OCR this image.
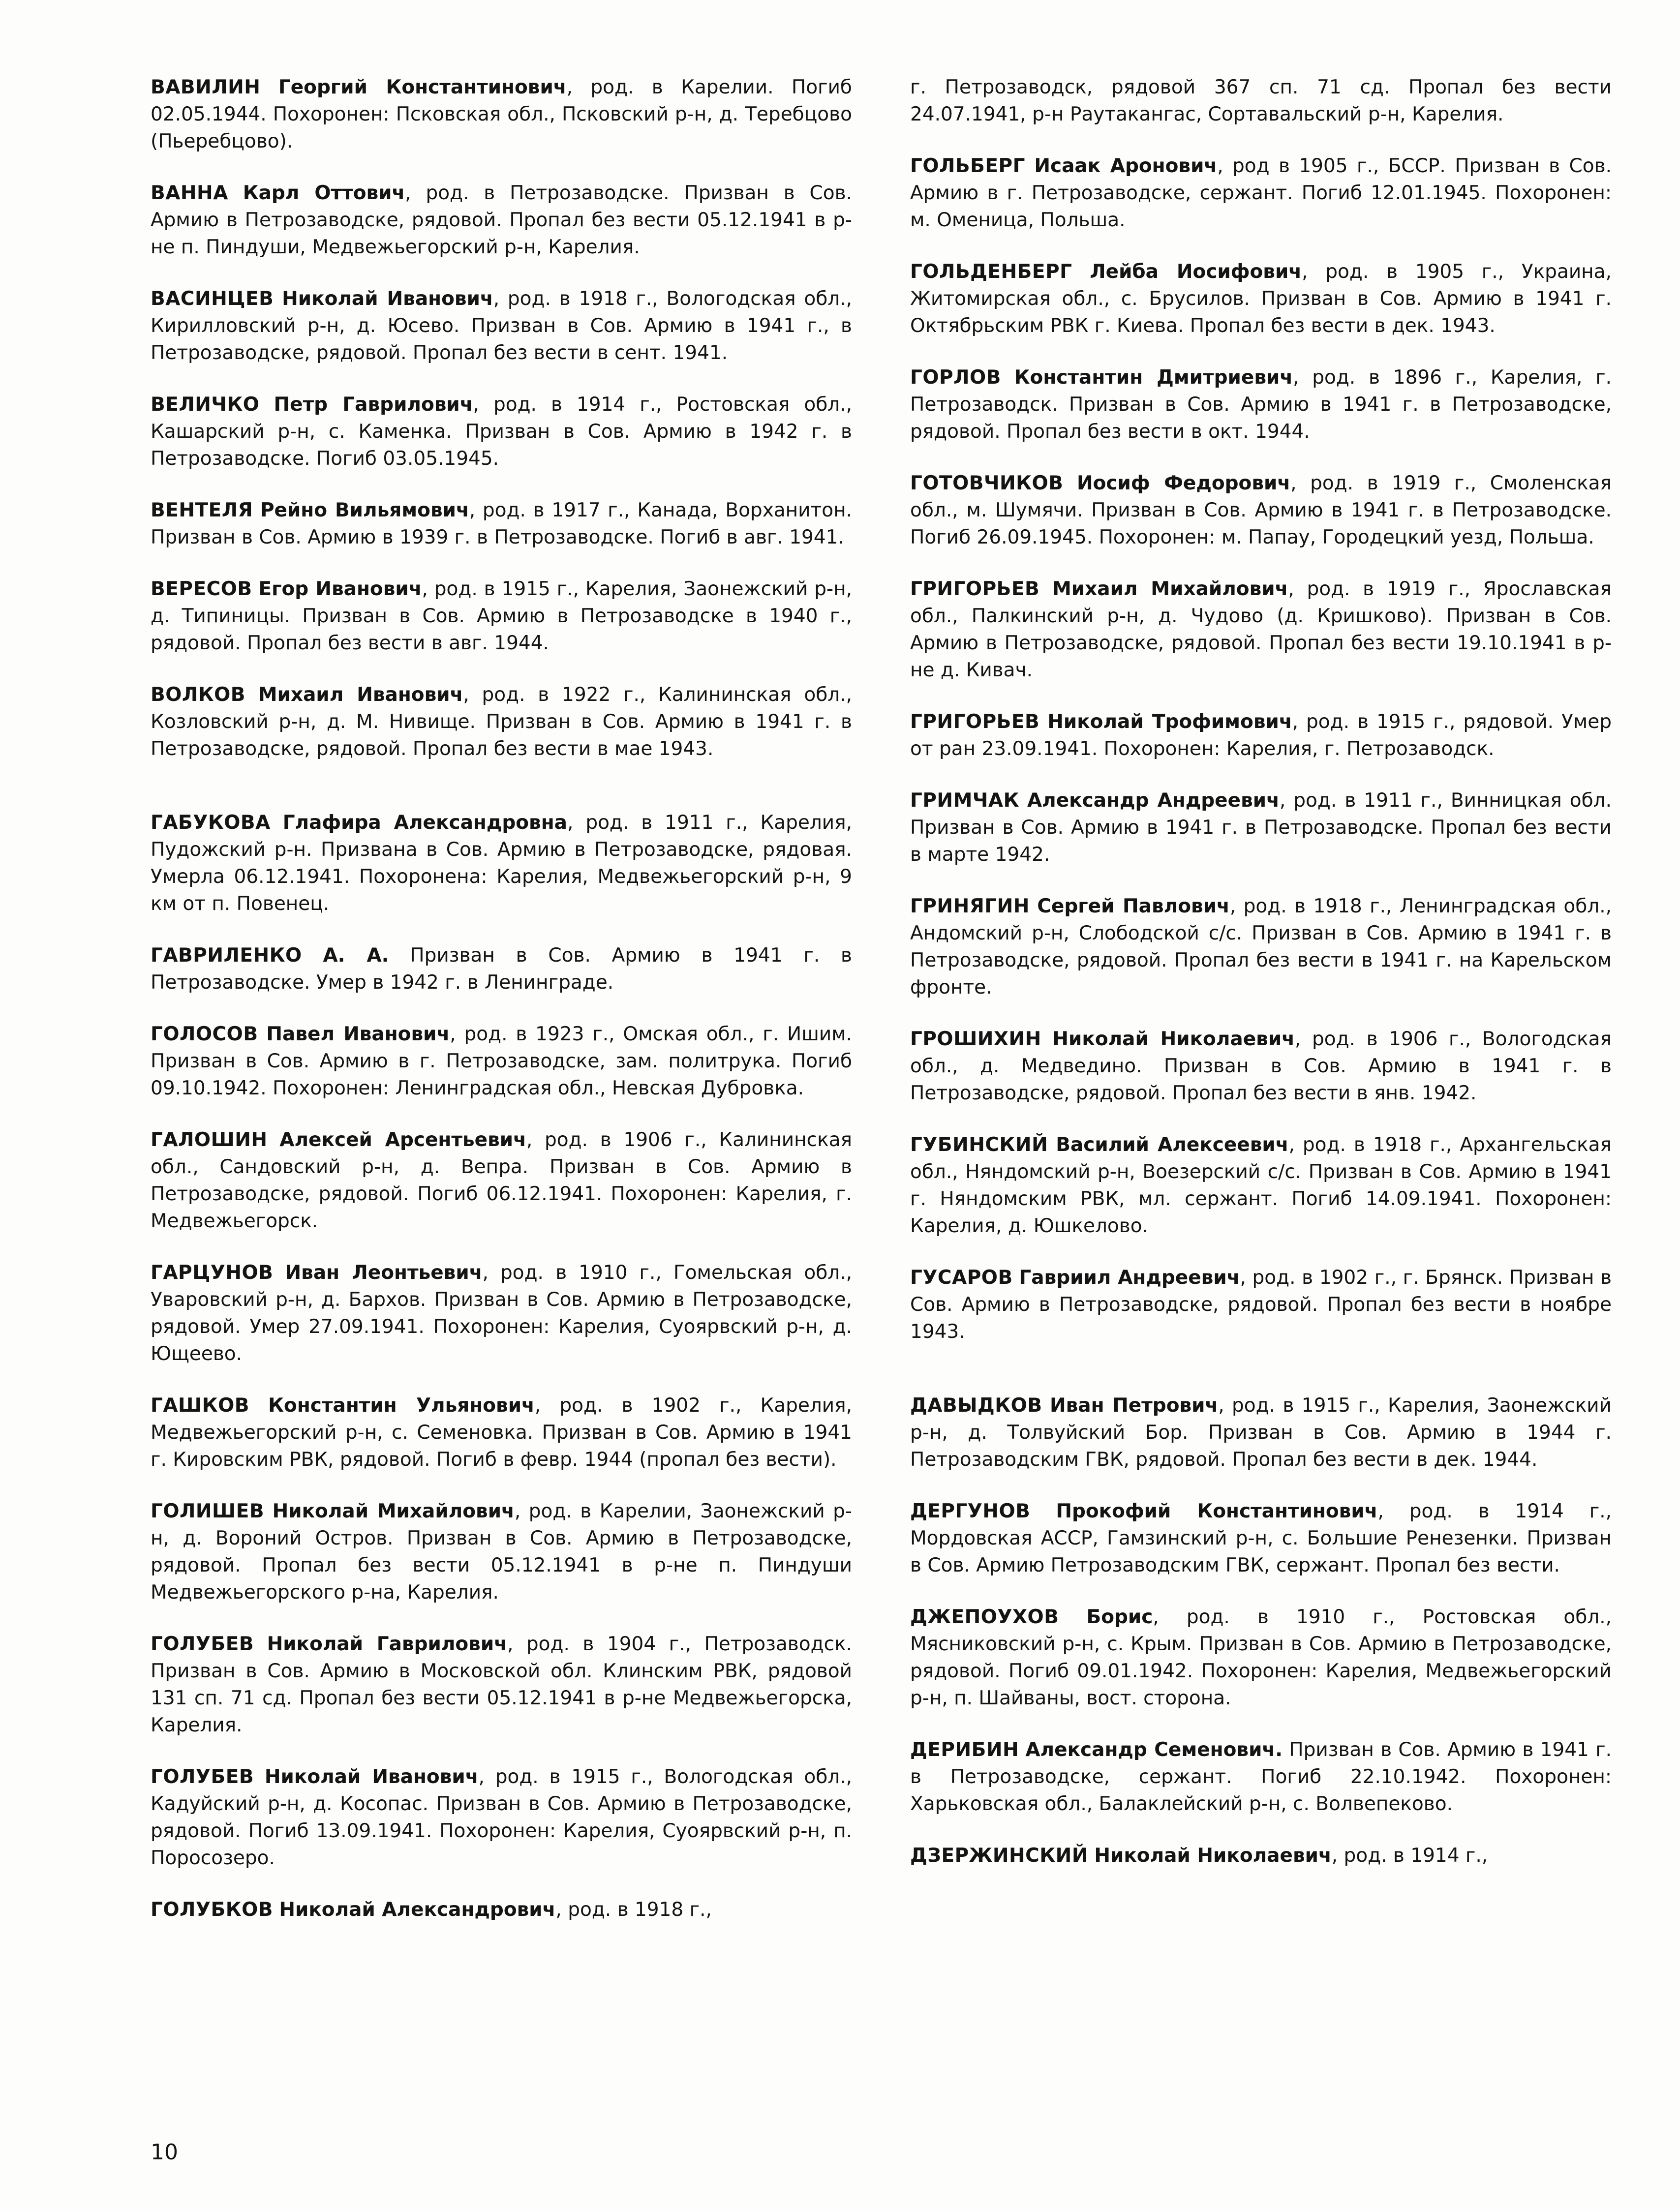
ВАВИЛИН Георгий Константинович, род. в Карелии. Погиб 02.05.1944. Похоронен: Псковская обл., Псковский р-н, д. Теребцово (Пьеребцово).

ВАННА Карл Оттович, род. в Петрозаводске. Призван в Сов. Армию в Петрозаводске, рядовой. Пропал без вести 05.12.1941 в р-не п. Пиндуши, Медвежьегорский р-н, Карелия.

ВАСИНЦЕВ Николай Иванович, род. в 1918 г., Вологодская обл., Кирилловский р-н, д. Юсево. Призван в Сов. Армию в 1941 г., в Петрозаводске, рядовой. Пропал без вести в сент. 1941.

ВЕЛИЧКО Петр Гаврилович, род. в 1914 г., Ростовская обл., Кашарский р-н, с. Каменка. Призван в Сов. Армию в 1942 г. в Петрозаводске. Погиб 03.05.1945.

ВЕНТЕЛЯ Рейно Вильямович, род. в 1917 г., Канада, Ворханитон. Призван в Сов. Армию в 1939 г. в Петрозаводске. Погиб в авг. 1941.

ВЕРЕСОВ Егор Иванович, род. в 1915 г., Карелия, Заонежский р-н, д. Типиницы. Призван в Сов. Армию в Петрозаводске в 1940 г., рядовой. Пропал без вести в авг. 1944.

ВОЛКОВ Михаил Иванович, род. в 1922 г., Калининская обл., Козловский р-н, д. М. Нивище. Призван в Сов. Армию в 1941 г. в Петрозаводске, рядовой. Пропал без вести в мае 1943.

ГАБУКОВА Глафира Александровна, род. в 1911 г., Карелия, Пудожский р-н. Призвана в Сов. Армию в Петрозаводске, рядовая. Умерла 06.12.1941. Похоронена: Карелия, Медвежьегорский р-н, 9 км от п. Повенец.

ГАВРИЛЕНКО А. А. Призван в Сов. Армию в 1941 г. в Петрозаводске. Умер в 1942 г. в Ленинграде.

ГОЛОСОВ Павел Иванович, род. в 1923 г., Омская обл., г. Ишим. Призван в Сов. Армию в г. Петрозаводске, зам. политрука. Погиб 09.10.1942. Похоронен: Ленинградская обл., Невская Дубровка.

ГАЛОШИН Алексей Арсентьевич, род. в 1906 г., Калининская обл., Сандовский р-н, д. Вепра. Призван в Сов. Армию в Петрозаводске, рядовой. Погиб 06.12.1941. Похоронен: Карелия, г. Медвежьегорск.

ГАРЦУНОВ Иван Леонтьевич, род. в 1910 г., Гомельская обл., Уваровский р-н, д. Бархов. Призван в Сов. Армию в Петрозаводске, рядовой. Умер 27.09.1941. Похоронен: Карелия, Суоярвский р-н, д. Ющеево.

ГАШКОВ Константин Ульянович, род. в 1902 г., Карелия, Медвежьегорский р-н, с. Семеновка. Призван в Сов. Армию в 1941 г. Кировским РВК, рядовой. Погиб в февр. 1944 (пропал без вести).

ГОЛИШЕВ Николай Михайлович, род. в Карелии, Заонежский р-н, д. Вороний Остров. Призван в Сов. Армию в Петрозаводске, рядовой. Пропал без вести 05.12.1941 в р-не п. Пиндуши Медвежьегорского р-на, Карелия.

ГОЛУБЕВ Николай Гаврилович, род. в 1904 г., Петрозаводск. Призван в Сов. Армию в Московской обл. Клинским РВК, рядовой 131 сп. 71 сд. Пропал без вести 05.12.1941 в р-не Медвежьегорска, Карелия.

ГОЛУБЕВ Николай Иванович, род. в 1915 г., Вологодская обл., Кадуйский р-н, д. Косопас. Призван в Сов. Армию в Петрозаводске, рядовой. Погиб 13.09.1941. Похоронен: Карелия, Суоярвский р-н, п. Поросозеро.

ГОЛУБКОВ Николай Александрович, род. в 1918 г.,

г. Петрозаводск, рядовой 367 сп. 71 сд. Пропал без вести 24.07.1941, р-н Раутакангас, Сортавальский р-н, Карелия.

ГОЛЬБЕРГ Исаак Аронович, род в 1905 г., БССР. Призван в Сов. Армию в г. Петрозаводске, сержант. Погиб 12.01.1945. Похоронен: м. Оменица, Польша.

ГОЛЬДЕНБЕРГ Лейба Иосифович, род. в 1905 г., Украина, Житомирская обл., с. Брусилов. Призван в Сов. Армию в 1941 г. Октябрьским РВК г. Киева. Пропал без вести в дек. 1943.

ГОРЛОВ Константин Дмитриевич, род. в 1896 г., Карелия, г. Петрозаводск. Призван в Сов. Армию в 1941 г. в Петрозаводске, рядовой. Пропал без вести в окт. 1944.

ГОТОВЧИКОВ Иосиф Федорович, род. в 1919 г., Смоленская обл., м. Шумячи. Призван в Сов. Армию в 1941 г. в Петрозаводске. Погиб 26.09.1945. Похоронен: м. Папау, Городецкий уезд, Польша.

ГРИГОРЬЕВ Михаил Михайлович, род. в 1919 г., Ярославская обл., Палкинский р-н, д. Чудово (д. Кришково). Призван в Сов. Армию в Петрозаводске, рядовой. Пропал без вести 19.10.1941 в р-не д. Кивач.

ГРИГОРЬЕВ Николай Трофимович, род. в 1915 г., рядовой. Умер от ран 23.09.1941. Похоронен: Карелия, г. Петрозаводск.

ГРИМЧАК Александр Андреевич, род. в 1911 г., Винницкая обл. Призван в Сов. Армию в 1941 г. в Петрозаводске. Пропал без вести в марте 1942.

ГРИНЯГИН Сергей Павлович, род. в 1918 г., Ленинградская обл., Андомский р-н, Слободской с/с. Призван в Сов. Армию в 1941 г. в Петрозаводске, рядовой. Пропал без вести в 1941 г. на Карельском фронте.

ГРОШИХИН Николай Николаевич, род. в 1906 г., Вологодская обл., д. Медведино. Призван в Сов. Армию в 1941 г. в Петрозаводске, рядовой. Пропал без вести в янв. 1942.

ГУБИНСКИЙ Василий Алексеевич, род. в 1918 г., Архангельская обл., Няндомский р-н, Воезерский с/с. Призван в Сов. Армию в 1941 г. Няндомским РВК, мл. сержант. Погиб 14.09.1941. Похоронен: Карелия, д. Юшкелово.

ГУСАРОВ Гавриил Андреевич, род. в 1902 г., г. Брянск. Призван в Сов. Армию в Петрозаводске, рядовой. Пропал без вести в ноябре 1943.

ДАВЫДКОВ Иван Петрович, род. в 1915 г., Карелия, Заонежский р-н, д. Толвуйский Бор. Призван в Сов. Армию в 1944 г. Петрозаводским ГВК, рядовой. Пропал без вести в дек. 1944.

ДЕРГУНОВ Прокофий Константинович, род. в 1914 г., Мордовская АССР, Гамзинский р-н, с. Большие Ренезенки. Призван в Сов. Армию Петрозаводским ГВК, сержант. Пропал без вести.

ДЖЕПОУХОВ Борис, род. в 1910 г., Ростовская обл., Мясниковский р-н, с. Крым. Призван в Сов. Армию в Петрозаводске, рядовой. Погиб 09.01.1942. Похоронен: Карелия, Медвежьегорский р-н, п. Шайваны, вост. сторона.

ДЕРИБИН Александр Семенович. Призван в Сов. Армию в 1941 г. в Петрозаводске, сержант. Погиб 22.10.1942. Похоронен: Харьковская обл., Балаклейский р-н, с. Волвепеково.

ДЗЕРЖИНСКИЙ Николай Николаевич, род. в 1914 г.,

10
